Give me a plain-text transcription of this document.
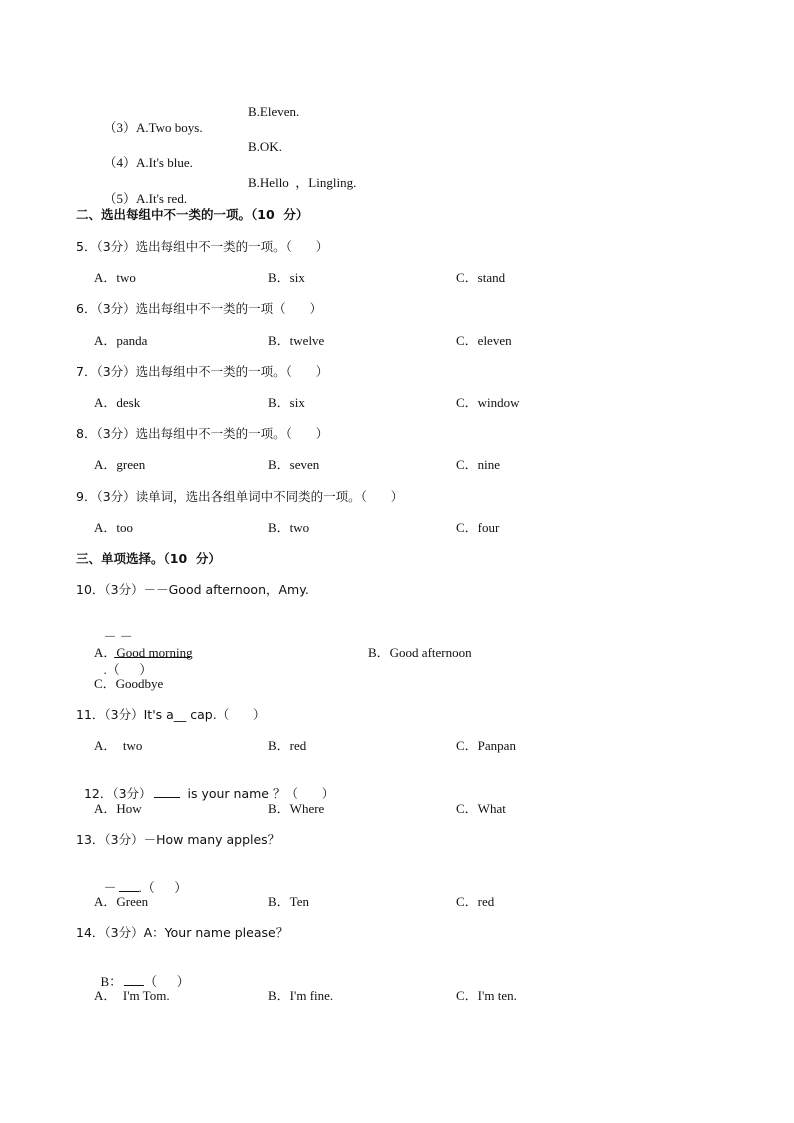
（3）A.Two boys.

B.Eleven.

（4）A.It's blue.

B.OK.

（5）A.It's red.

B.Hello  ，Lingling.
二、选出每组中不一类的一项。（10  分）
5．（3分）选出每组中不一类的一项。（      ）
A．two	B．six	C．stand
6．（3分）选出每组中不一类的一项（      ）
A．panda	B．twelve	C．eleven
7．（3分）选出每组中不一类的一项。（      ）
A．desk	B．six	C．window
8．（3分）选出每组中不一类的一项。（      ）
A．green	B．seven	C．nine
9．（3分）读单词，选出各组单词中不同类的一项。（      ）
A．too	B．two	C．four
三、单项选择。（10  分）
10．（3分）－－Good afternoon，Amy.

－ －

.（      ）

A．Good morning	B．Good afternoon
C．Goodbye
11．（3分）It's a__ cap.（      ）
A．  two	B．red	C．Panpan

12．（3分）  is your name ？（      ）

A．How	B．Where	C．What
13．（3分）－How many apples？

－ .（      ）

A．Green	B．Ten	C．red
14．（3分）A：Your name please？

B： （      ）

A．  I'm Tom.	B．I'm fine.	C．I'm ten.
